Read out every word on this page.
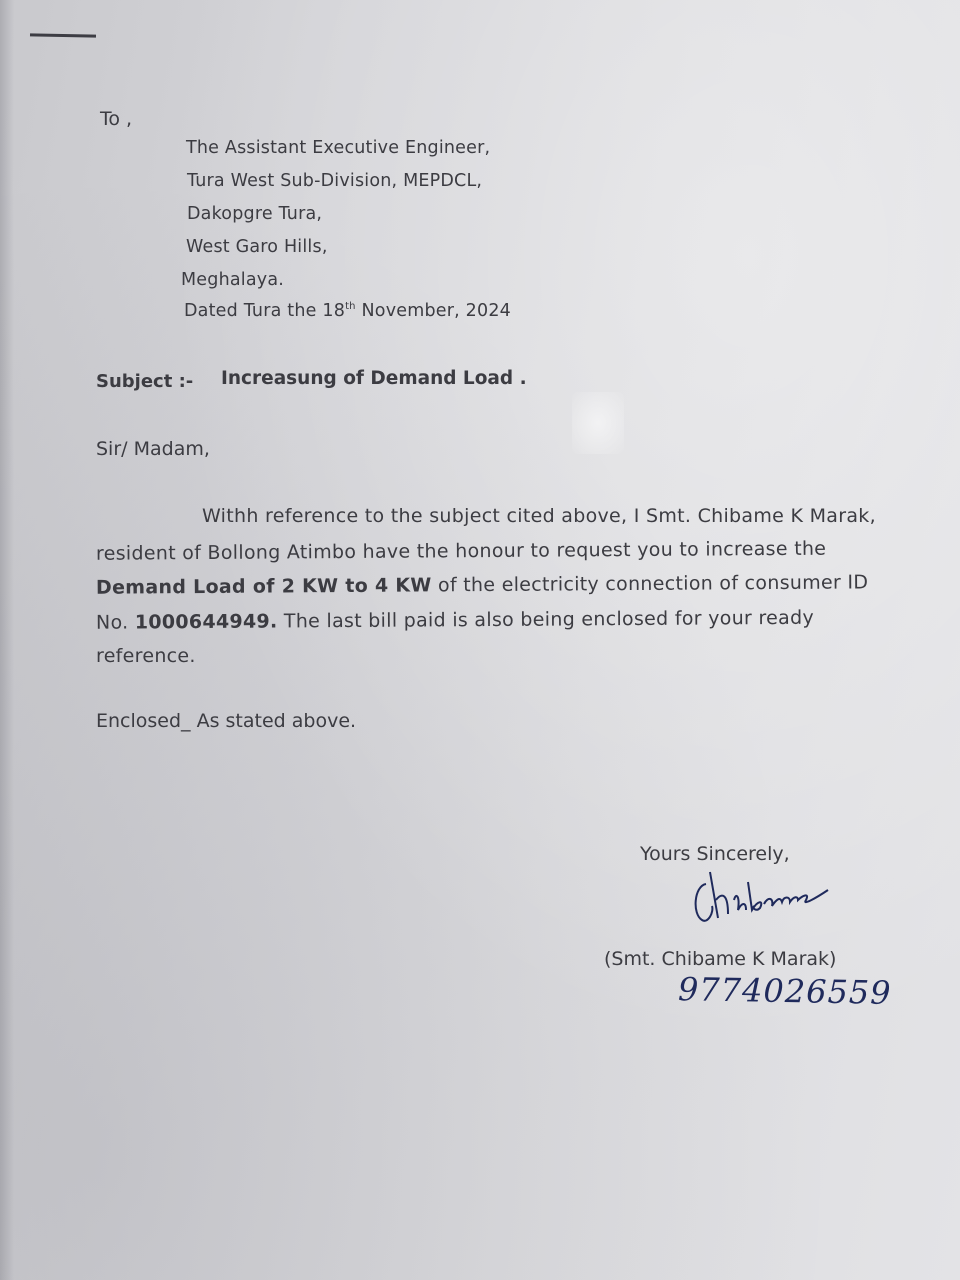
To ,
The Assistant Executive Engineer,
Tura West Sub-Division, MEPDCL,
Dakopgre Tura,
West Garo Hills,
Meghalaya.
Dated Tura the 18th November, 2024
Subject :- Increasung of Demand Load .
Sir/ Madam,
Withh reference to the subject cited above, I Smt. Chibame K Marak,
resident of Bollong Atimbo have the honour to request you to increase the
Demand Load of 2 KW to 4 KW of the electricity connection of consumer ID
No. 1000644949. The last bill paid is also being enclosed for your ready
reference.
Enclosed_ As stated above.
Yours Sincerely,
(Smt. Chibame K Marak)
9774026559
